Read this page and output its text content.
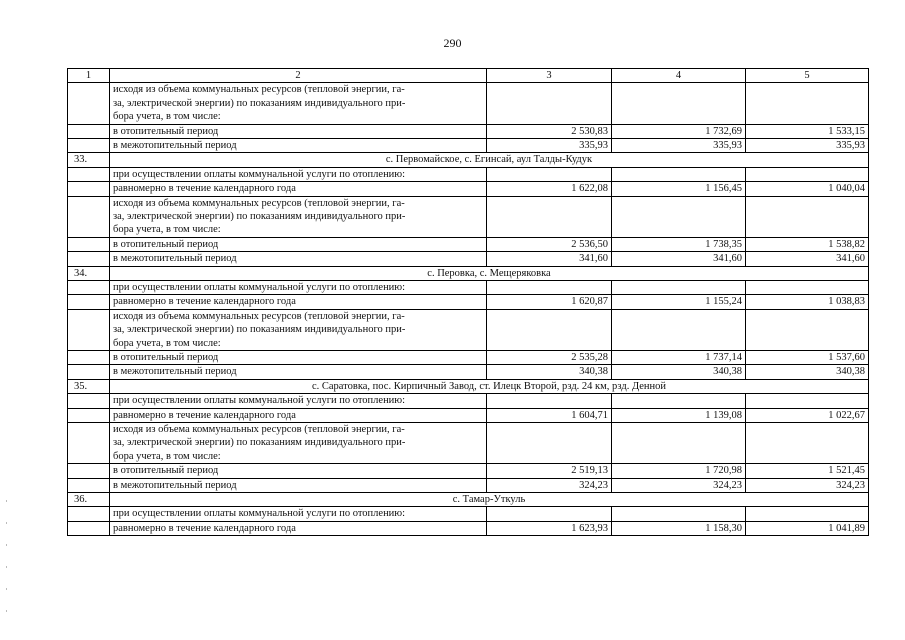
290
1	2	3	4	5

	исходя из объема коммунальных ресурсов (тепловой энергии, га-
за, электрической энергии) по показаниям индивидуального при-
бора учета, в том числе:			

	в отопительный период	2 530,83	1 732,69	1 533,15
	в межотопительный период	335,93	335,93	335,93
33.	с. Первомайское, с. Егинсай, аул Талды-Кудук			
	при осуществлении оплаты коммунальной услуги по отоплению:			
	равномерно в течение календарного года	1 622,08	1 156,45	1 040,04

	исходя из объема коммунальных ресурсов (тепловой энергии, га-
за, электрической энергии) по показаниям индивидуального при-
бора учета, в том числе:			

	в отопительный период	2 536,50	1 738,35	1 538,82
	в межотопительный период	341,60	341,60	341,60
34.	с. Перовка, с. Мещеряковка			
	при осуществлении оплаты коммунальной услуги по отоплению:			
	равномерно в течение календарного года	1 620,87	1 155,24	1 038,83

	исходя из объема коммунальных ресурсов (тепловой энергии, га-
за, электрической энергии) по показаниям индивидуального при-
бора учета, в том числе:			

	в отопительный период	2 535,28	1 737,14	1 537,60
	в межотопительный период	340,38	340,38	340,38
35.	с. Саратовка, пос. Кирпичный Завод, ст. Илецк Второй, рзд. 24 км, рзд. Денной			
	при осуществлении оплаты коммунальной услуги по отоплению:			
	равномерно в течение календарного года	1 604,71	1 139,08	1 022,67

	исходя из объема коммунальных ресурсов (тепловой энергии, га-
за, электрической энергии) по показаниям индивидуального при-
бора учета, в том числе:			

	в отопительный период	2 519,13	1 720,98	1 521,45
	в межотопительный период	324,23	324,23	324,23
36.	с. Тамар-Уткуль			
	при осуществлении оплаты коммунальной услуги по отоплению:			
	равномерно в течение календарного года	1 623,93	1 158,30	1 041,89
